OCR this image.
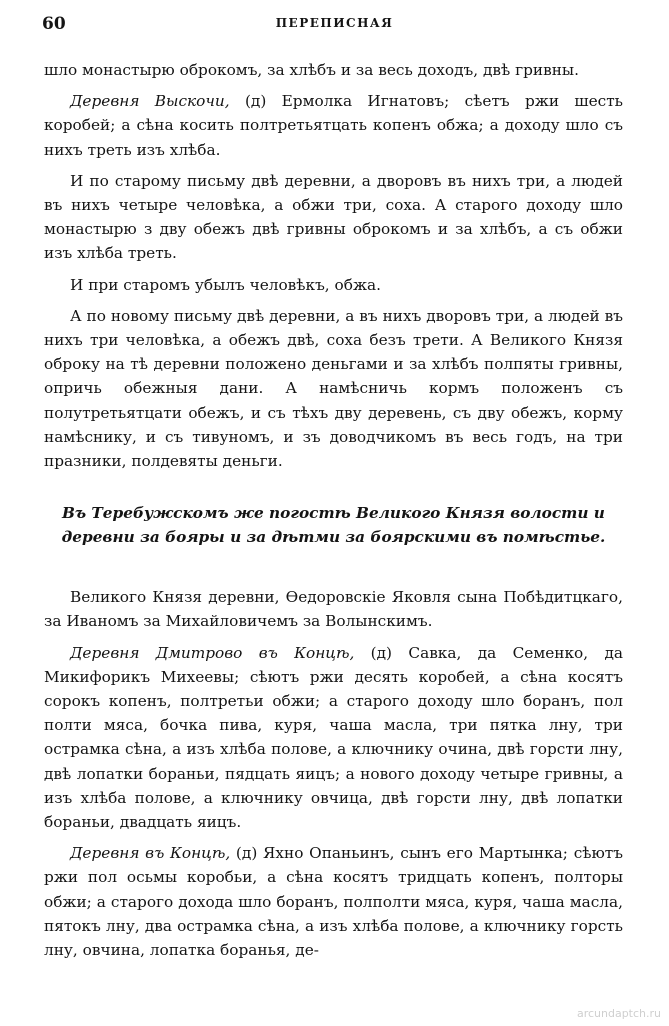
60	ПЕРЕПИСНАЯ

шло монастырю оброкомъ, за хлѣбъ и за весь доходъ, двѣ гривны.

Деревня Выскочи, (д) Ермолка Игнатовъ; сѣетъ ржи шесть коробей; а сѣна косить полтретьятцать копенъ обжа; а доходу шло съ нихъ треть изъ хлѣба.

И по старому письму двѣ деревни, а дворовъ въ нихъ три, а людей въ нихъ четыре человѣка, а обжи три, соха. А старого доходу шло монастырю з дву обежъ двѣ гривны оброкомъ и за хлѣбъ, а съ обжи изъ хлѣба треть.

И при старомъ убылъ человѣкъ, обжа.

А по новому письму двѣ деревни, а въ нихъ дворовъ три, а людей въ нихъ три человѣка, а обежъ двѣ, соха безъ трети. А Великого Князя оброку на тѣ деревни положено деньгами и за хлѣбъ полпяты гривны, опричь обежныя дани. А намѣсничь кормъ положенъ съ полутретьятцати обежъ, и съ тѣхъ дву деревень, съ дву обежъ, корму намѣснику, и съ тивуномъ, и зъ доводчикомъ въ весь годъ, на три празники, полдевяты деньги.

Въ Теребужскомъ же погостѣ Великого Князя волости и деревни за бояры и за дѣтми за боярскими въ помѣстье.

Великого Князя деревни, Ѳедоровскіе Яковля сына Побѣдитцкаго, за Иваномъ за Михайловичемъ за Волынскимъ.

Деревня Дмитрово въ Концѣ, (д) Савка, да Семенко, да Микифорикъ Михеевы; сѣютъ ржи десять коробей, а сѣна косятъ сорокъ копенъ, полтретьи обжи; а старого доходу шло боранъ, пол полти мяса, бочка пива, куря, чаша масла, три пятка лну, три острамка сѣна, а изъ хлѣба полове, а ключнику очина, двѣ горсти лну, двѣ лопатки бораньи, пядцать яицъ; а нового доходу четыре гривны, а изъ хлѣба полове, а ключнику овчица, двѣ горсти лну, двѣ лопатки бораньи, двадцать яицъ.

Деревня въ Концѣ, (д) Яхно Опаньинъ, сынъ его Мартынка; сѣютъ ржи пол осьмы коробьи, а сѣна косятъ тридцать копенъ, полторы обжи; а старого дохода шло боранъ, полполти мяса, куря, чаша масла, пятокъ лну, два острамка сѣна, а изъ хлѣба полове, а ключнику горсть лну, овчина, лопатка боранья, де-

arcundaptch.ru
